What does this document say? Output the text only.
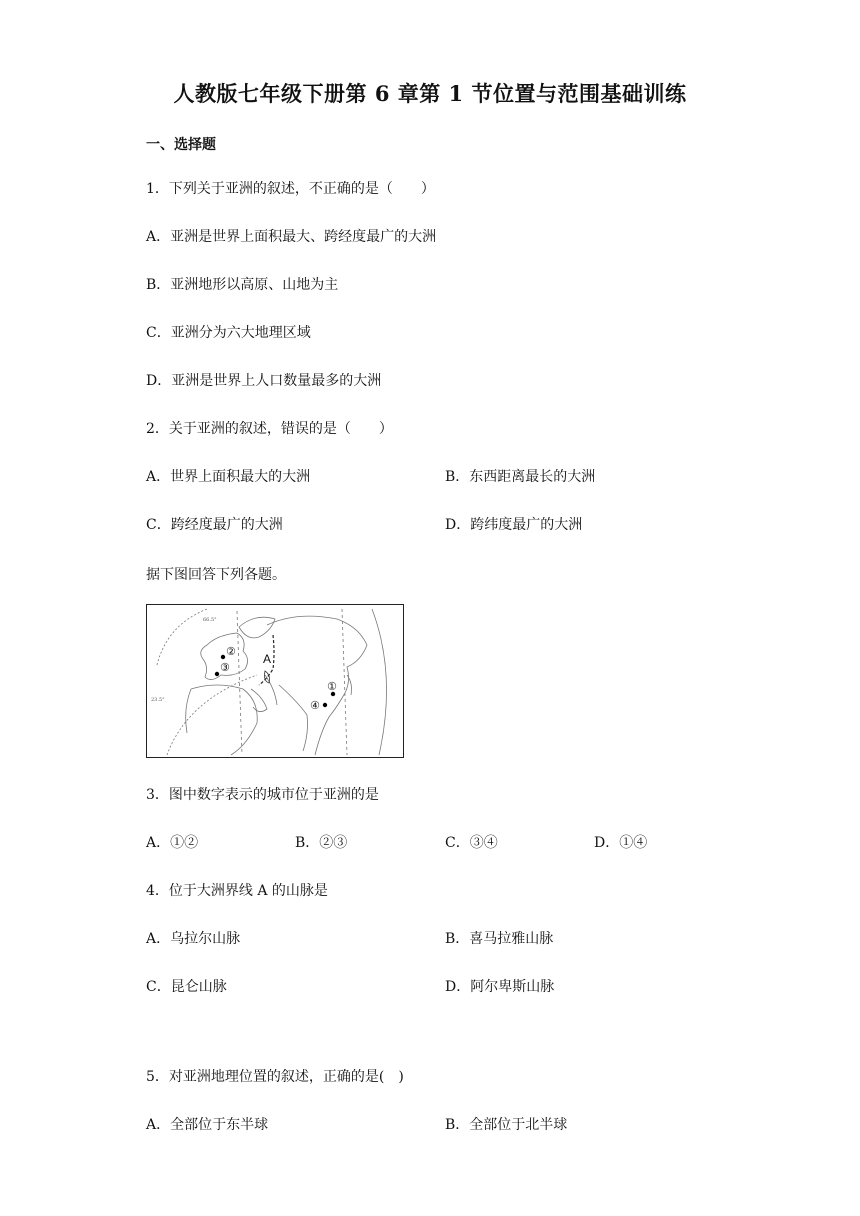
人教版七年级下册第 6 章第 1 节位置与范围基础训练
一、选择题
1．下列关于亚洲的叙述，不正确的是（　　）
A．亚洲是世界上面积最大、跨经度最广的大洲
B．亚洲地形以高原、山地为主
C．亚洲分为六大地理区域
D．亚洲是世界上人口数量最多的大洲
2．关于亚洲的叙述，错误的是（　　）
A．世界上面积最大的大洲	B．东西距离最长的大洲
C．跨经度最广的大洲	D．跨纬度最广的大洲
据下图回答下列各题。
66.5°
23.5°
A
①
②
③
④
3．图中数字表示的城市位于亚洲的是
A．①②	B．②③	C．③④	D．①④
4．位于大洲界线 A 的山脉是
A．乌拉尔山脉	B．喜马拉雅山脉
C．昆仑山脉	D．阿尔卑斯山脉
5．对亚洲地理位置的叙述，正确的是(　)
A．全部位于东半球	B．全部位于北半球
